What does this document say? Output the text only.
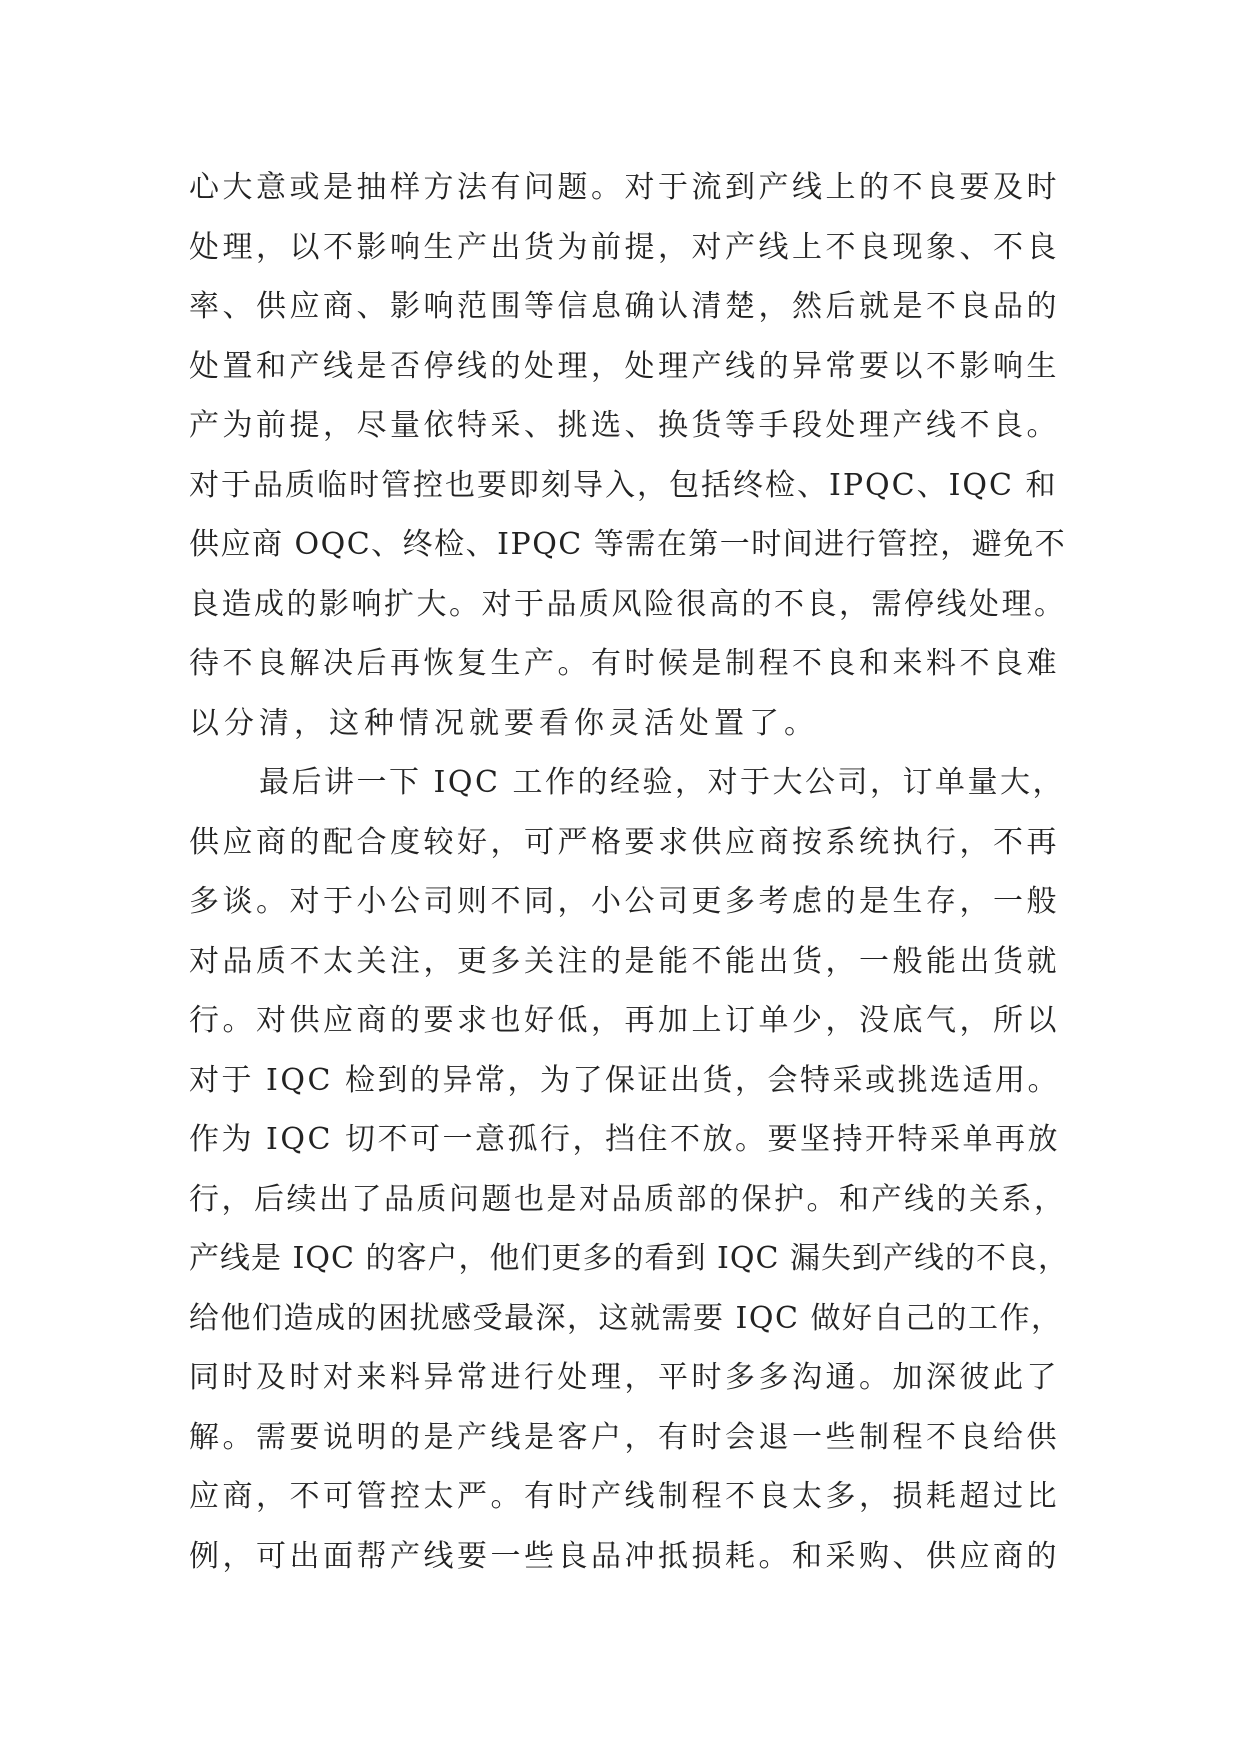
心大意或是抽样方法有问题。对于流到产线上的不良要及时
处理，以不影响生产出货为前提，对产线上不良现象、不良
率、供应商、影响范围等信息确认清楚，然后就是不良品的
处置和产线是否停线的处理，处理产线的异常要以不影响生
产为前提，尽量依特采、挑选、换货等手段处理产线不良。
对于品质临时管控也要即刻导入，包括终检、IPQC、IQC 和
供应商 OQC、终检、IPQC 等需在第一时间进行管控，避免不
良造成的影响扩大。对于品质风险很高的不良，需停线处理。
待不良解决后再恢复生产。有时候是制程不良和来料不良难
以分清，这种情况就要看你灵活处置了。
最后讲一下 IQC 工作的经验，对于大公司，订单量大，
供应商的配合度较好，可严格要求供应商按系统执行，不再
多谈。对于小公司则不同，小公司更多考虑的是生存，一般
对品质不太关注，更多关注的是能不能出货，一般能出货就
行。对供应商的要求也好低，再加上订单少，没底气，所以
对于 IQC 检到的异常，为了保证出货，会特采或挑选适用。
作为 IQC 切不可一意孤行，挡住不放。要坚持开特采单再放
行，后续出了品质问题也是对品质部的保护。和产线的关系，
产线是 IQC 的客户，他们更多的看到 IQC 漏失到产线的不良，
给他们造成的困扰感受最深，这就需要 IQC 做好自己的工作，
同时及时对来料异常进行处理，平时多多沟通。加深彼此了
解。需要说明的是产线是客户，有时会退一些制程不良给供
应商，不可管控太严。有时产线制程不良太多，损耗超过比
例，可出面帮产线要一些良品冲抵损耗。和采购、供应商的
